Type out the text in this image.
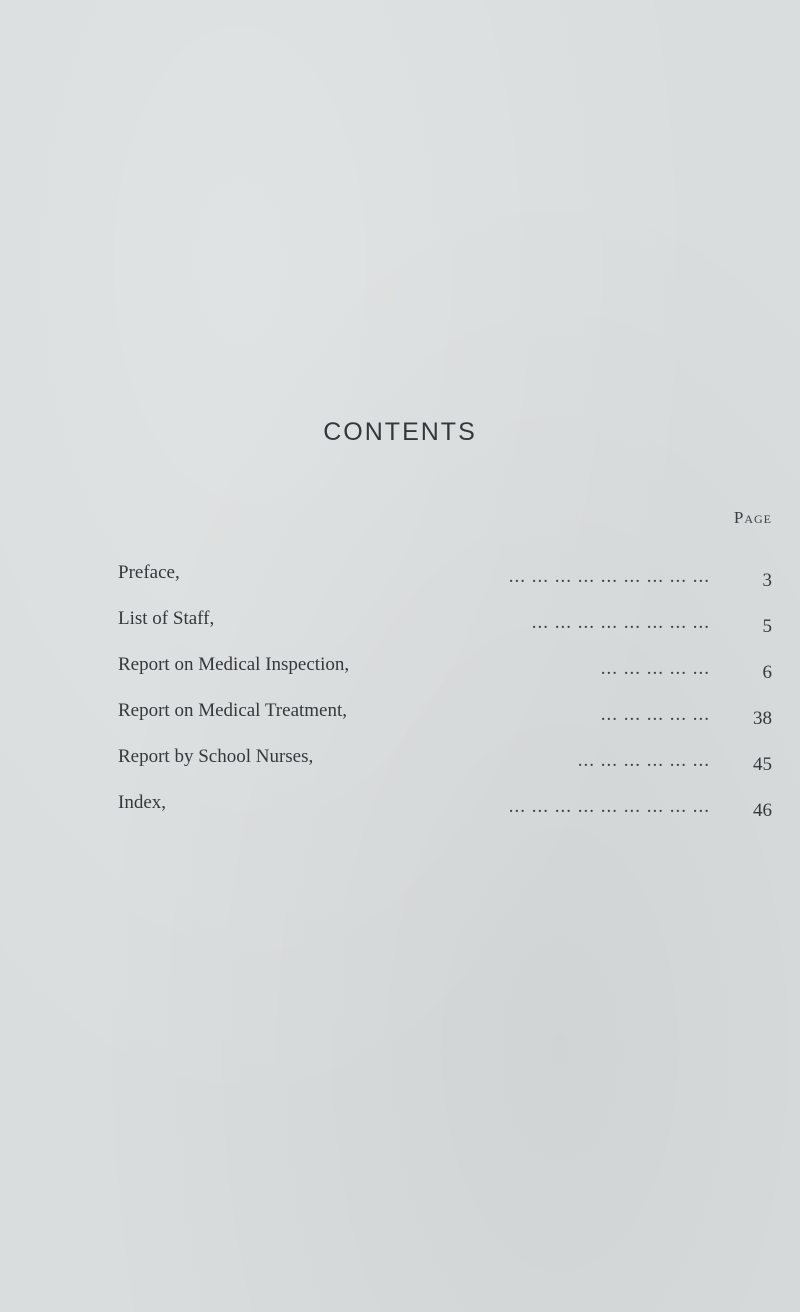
CONTENTS
Page
Preface,	... ... ... ... ... ... ... ... ...	3
List of Staff,	... ... ... ... ... ... ... ...	5
Report on Medical Inspection,	... ... ... ... ...	6
Report on Medical Treatment,	... ... ... ... ...	38
Report by School Nurses,	... ... ... ... ... ...	45
Index,	... ... ... ... ... ... ... ... ...	46
